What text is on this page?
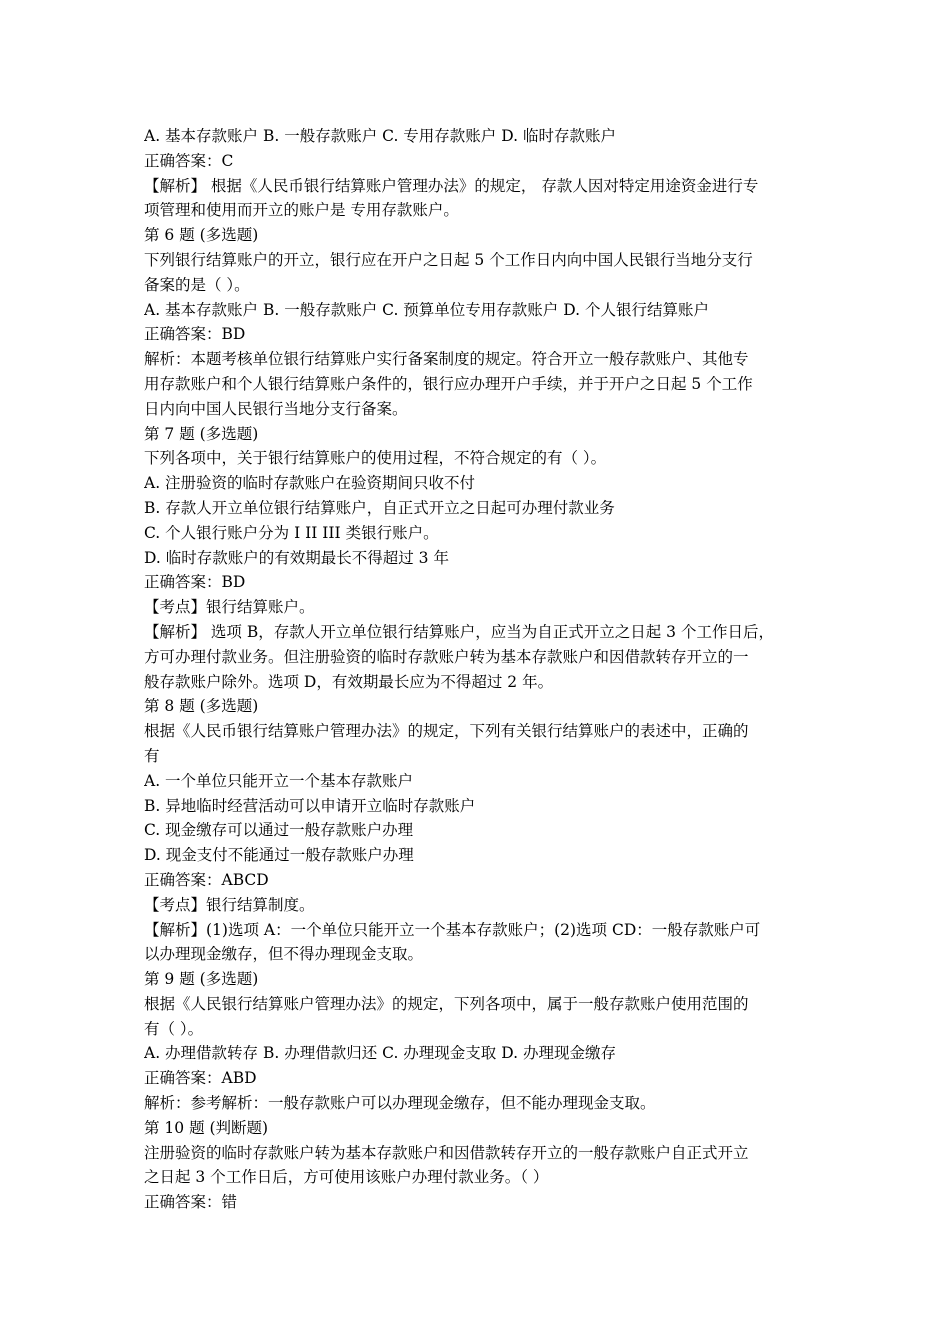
A. 基本存款账户 B. 一般存款账户 C. 专用存款账户 D. 临时存款账户
正确答案：C
【解析】 根据《人民币银行结算账户管理办法》的规定， 存款人因对特定用途资金进行专
项管理和使用而开立的账户是 专用存款账户。
第 6 题 (多选题)
下列银行结算账户的开立，银行应在开户之日起 5 个工作日内向中国人民银行当地分支行
备案的是（ ）。
A. 基本存款账户 B. 一般存款账户 C. 预算单位专用存款账户 D. 个人银行结算账户
正确答案：BD
解析：本题考核单位银行结算账户实行备案制度的规定。符合开立一般存款账户、其他专
用存款账户和个人银行结算账户条件的，银行应办理开户手续，并于开户之日起 5 个工作
日内向中国人民银行当地分支行备案。
第 7 题 (多选题)
下列各项中，关于银行结算账户的使用过程，不符合规定的有（ ）。
A. 注册验资的临时存款账户在验资期间只收不付
B. 存款人开立单位银行结算账户，自正式开立之日起可办理付款业务
C. 个人银行账户分为 I II III 类银行账户。
D. 临时存款账户的有效期最长不得超过 3 年
正确答案：BD
【考点】银行结算账户。
【解析】 选项 B，存款人开立单位银行结算账户，应当为自正式开立之日起 3 个工作日后，
方可办理付款业务。但注册验资的临时存款账户转为基本存款账户和因借款转存开立的一
般存款账户除外。选项 D，有效期最长应为不得超过 2 年。
第 8 题 (多选题)
根据《人民币银行结算账户管理办法》的规定，下列有关银行结算账户的表述中，正确的
有
A. 一个单位只能开立一个基本存款账户
B. 异地临时经营活动可以申请开立临时存款账户
C. 现金缴存可以通过一般存款账户办理
D. 现金支付不能通过一般存款账户办理
正确答案：ABCD
【考点】银行结算制度。
【解析】(1)选项 A：一个单位只能开立一个基本存款账户；(2)选项 CD：一般存款账户可
以办理现金缴存，但不得办理现金支取。
第 9 题 (多选题)
根据《人民银行结算账户管理办法》的规定，下列各项中，属于一般存款账户使用范围的
有（ ）。
A. 办理借款转存 B. 办理借款归还 C. 办理现金支取 D. 办理现金缴存
正确答案：ABD
解析：参考解析：一般存款账户可以办理现金缴存，但不能办理现金支取。
第 10 题 (判断题)
注册验资的临时存款账户转为基本存款账户和因借款转存开立的一般存款账户自正式开立
之日起 3 个工作日后，方可使用该账户办理付款业务。（ ）
正确答案：错
